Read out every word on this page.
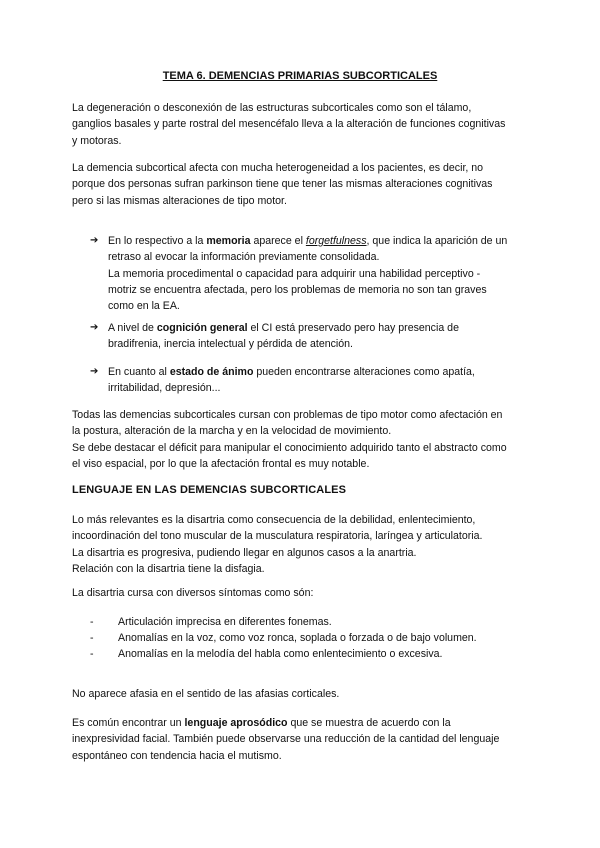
TEMA 6. DEMENCIAS PRIMARIAS SUBCORTICALES
La degeneración o desconexión de las estructuras subcorticales como son el tálamo,
ganglios basales y parte rostral del mesencéfalo lleva a la alteración de funciones cognitivas
y motoras.
La demencia subcortical afecta con mucha heterogeneidad a los pacientes, es decir, no
porque dos personas sufran parkinson tiene que tener las mismas alteraciones cognitivas
pero si las mismas alteraciones de tipo motor.
➔ En lo respectivo a la memoria aparece el forgetfulness, que indica la aparición de un
retraso al evocar la información previamente consolidada.
La memoria procedimental o capacidad para adquirir una habilidad perceptivo -
motriz se encuentra afectada, pero los problemas de memoria no son tan graves
como en la EA.
➔ A nivel de cognición general el CI está preservado pero hay presencia de
bradifrenia, inercia intelectual y pérdida de atención.
➔ En cuanto al estado de ánimo pueden encontrarse alteraciones como apatía,
irritabilidad, depresión...
Todas las demencias subcorticales cursan con problemas de tipo motor como afectación en
la postura, alteración de la marcha y en la velocidad de movimiento.
Se debe destacar el déficit para manipular el conocimiento adquirido tanto el abstracto como
el viso espacial, por lo que la afectación frontal es muy notable.
LENGUAJE EN LAS DEMENCIAS SUBCORTICALES
Lo más relevantes es la disartria como consecuencia de la debilidad, enlentecimiento,
incoordinación del tono muscular de la musculatura respiratoria, laríngea y articulatoria.
La disartria es progresiva, pudiendo llegar en algunos casos a la anartria.
Relación con la disartria tiene la disfagia.
La disartria cursa con diversos síntomas como són:
- Articulación imprecisa en diferentes fonemas.
- Anomalías en la voz, como voz ronca, soplada o forzada o de bajo volumen.
- Anomalías en la melodía del habla como enlentecimiento o excesiva.
No aparece afasia en el sentido de las afasias corticales.
Es común encontrar un lenguaje aprosódico que se muestra de acuerdo con la
inexpresividad facial. También puede observarse una reducción de la cantidad del lenguaje
espontáneo con tendencia hacia el mutismo.
